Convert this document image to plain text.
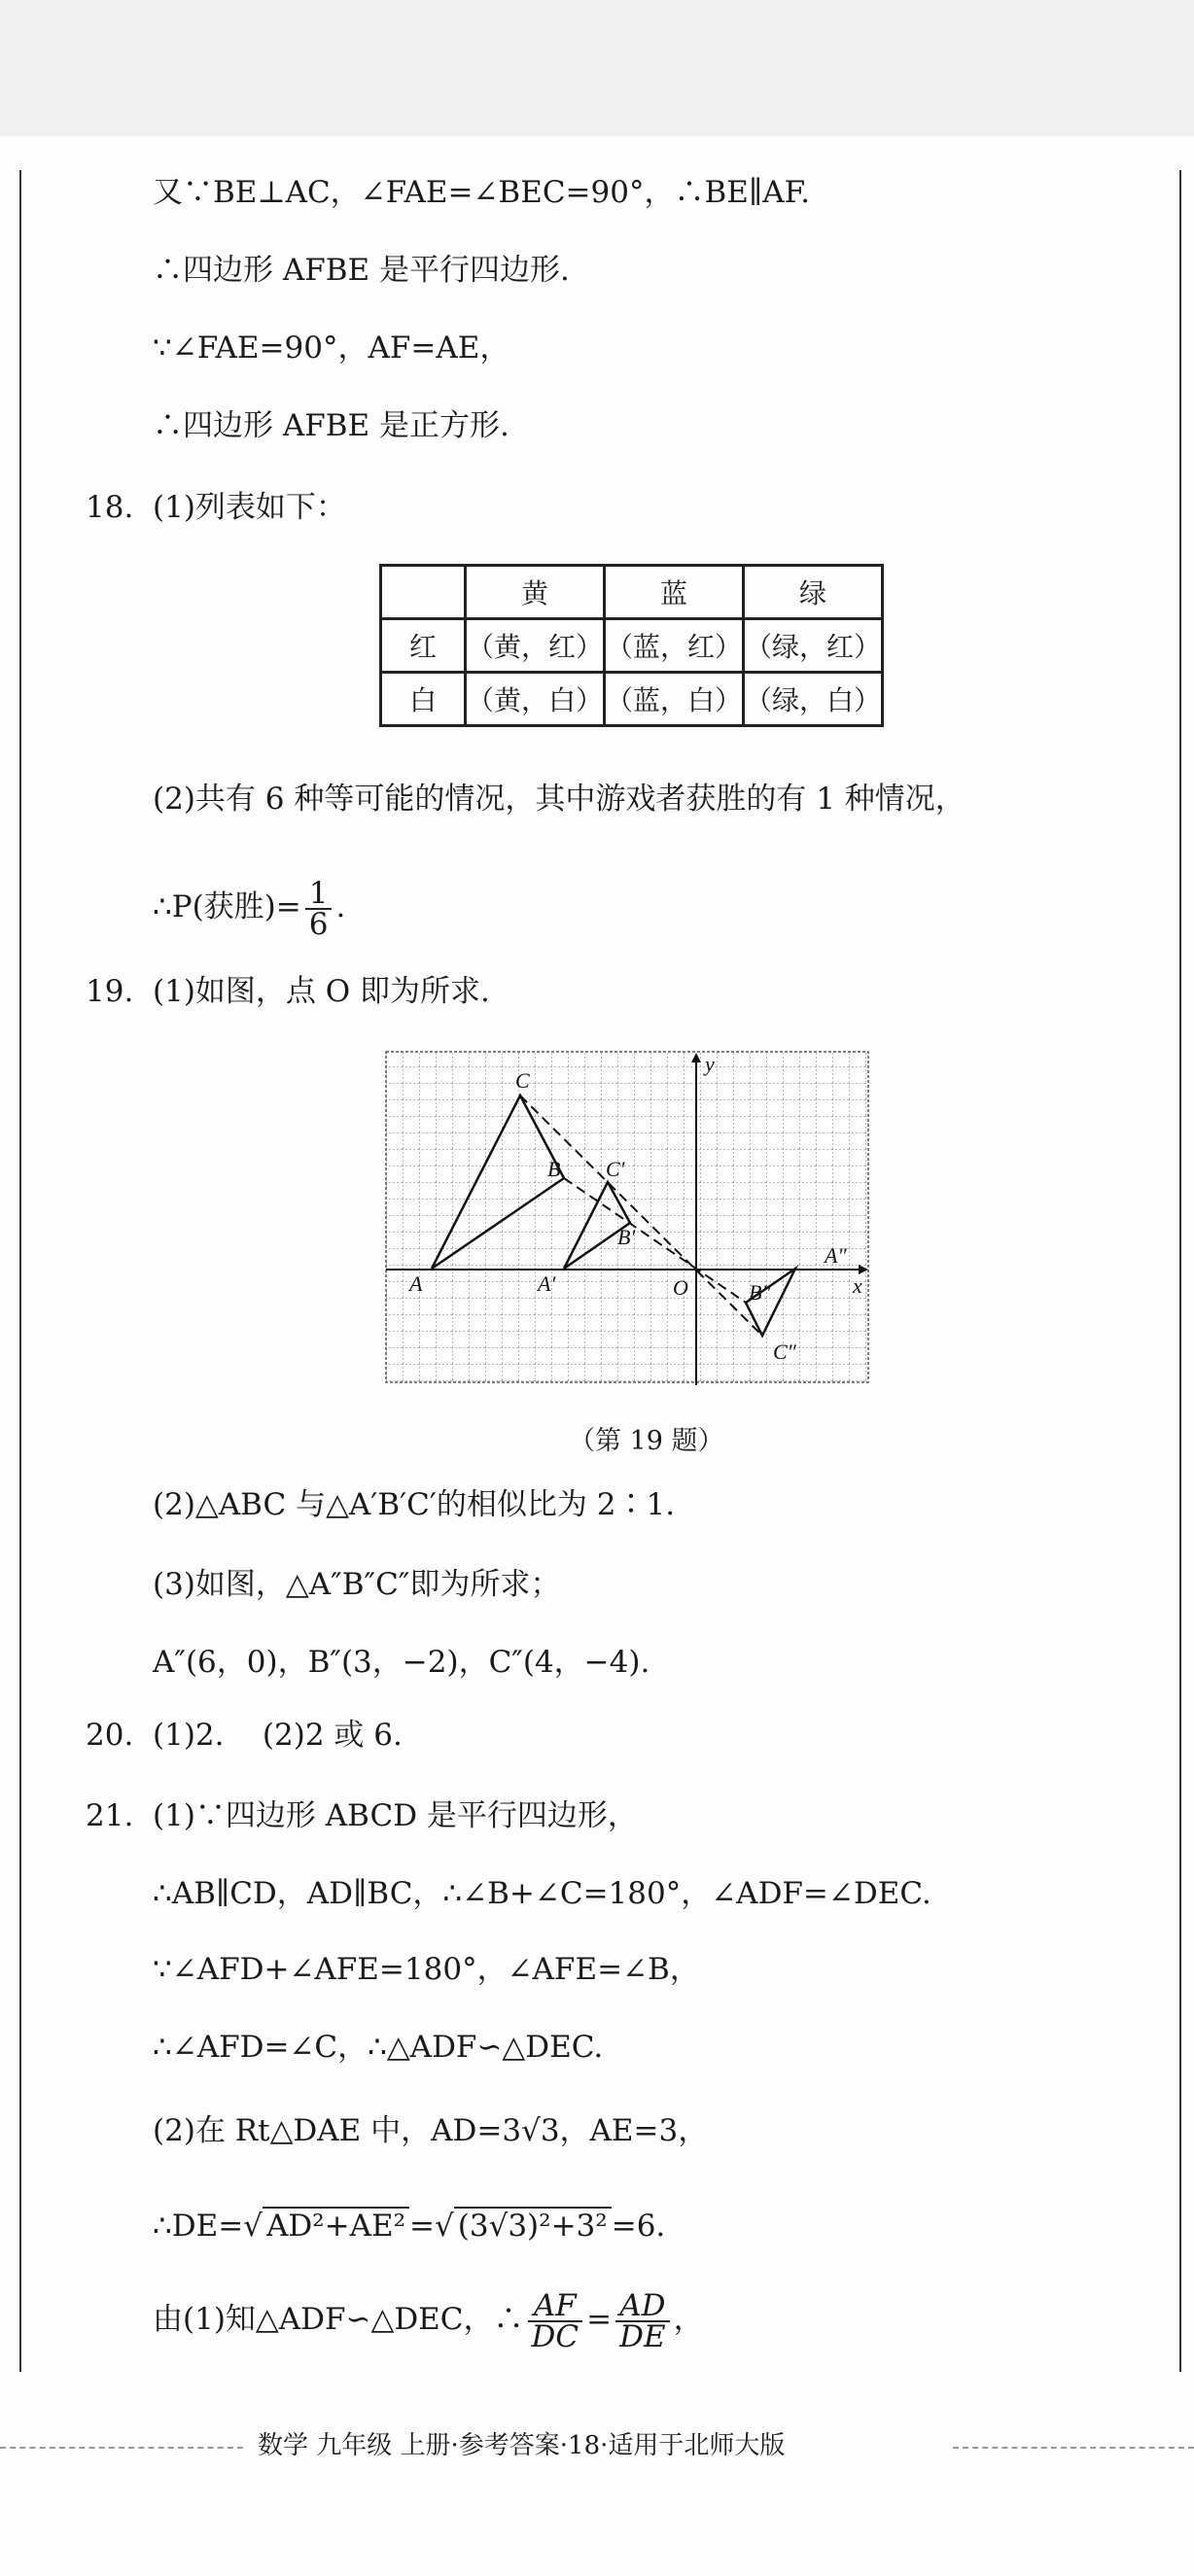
又∵BE⊥AC，∠FAE=∠BEC=90°，∴BE∥AF.
∴四边形 AFBE 是平行四边形.
∵∠FAE=90°，AF=AE，
∴四边形 AFBE 是正方形.
18. (1)列表如下：
	黄	蓝	绿
红	（黄，红）	（蓝，红）	（绿，红）
白	（黄，白）	（蓝，白）	（绿，白）
(2)共有 6 种等可能的情况，其中游戏者获胜的有 1 种情况，
∴P(获胜)= $\frac{1}{6}$ .
19. (1)如图，点 O 即为所求.
C
B
A
C′
B′
A′	O	x
y
A″
B″
C″
（第 19 题）
(2)△ABC 与△A′B′C′的相似比为 2∶1.
(3)如图，△A″B″C″即为所求；
A″(6，0)，B″(3，−2)，C″(4，−4).
20. (1)2.    (2)2 或 6.
21. (1)∵四边形 ABCD 是平行四边形，
∴AB∥CD，AD∥BC，∴∠B+∠C=180°，∠ADF=∠DEC.
∵∠AFD+∠AFE=180°，∠AFE=∠B，
∴∠AFD=∠C，∴△ADF∽△DEC.
(2)在 Rt△DAE 中，AD=3√3，AE=3，
∴DE=√ AD²+AE² =√ (3√3)²+3² =6.
由(1)知△ADF∽△DEC，∴ $\frac{AF}{DC} = \frac{AD}{DE}$ ，
数学 九年级 上册·参考答案·18·适用于北师大版
